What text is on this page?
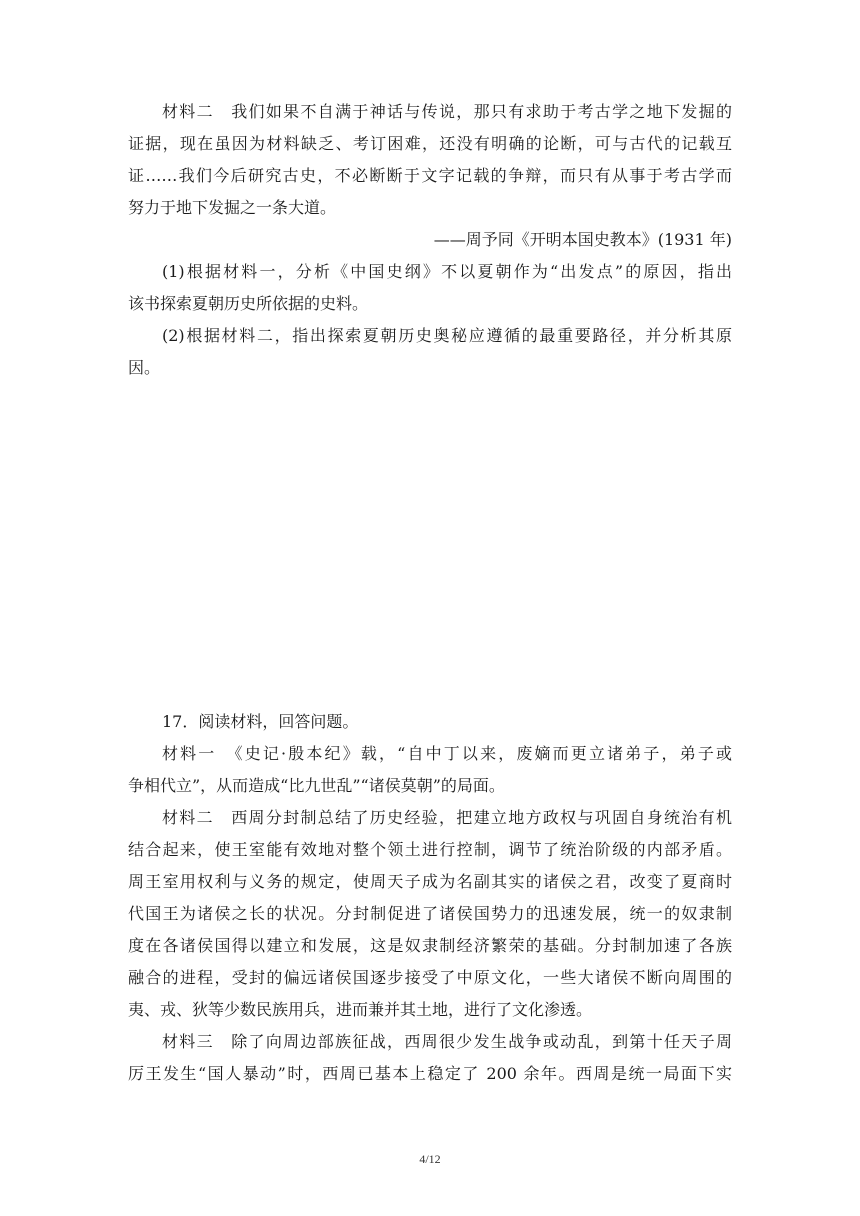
材料二　我们如果不自满于神话与传说，那只有求助于考古学之地下发掘的
证据，现在虽因为材料缺乏、考订困难，还没有明确的论断，可与古代的记载互
证……我们今后研究古史，不必断断于文字记载的争辩，而只有从事于考古学而
努力于地下发掘之一条大道。
——周予同《开明本国史教本》(1931 年)
(1)根据材料一，分析《中国史纲》不以夏朝作为“出发点”的原因，指出
该书探索夏朝历史所依据的史料。
(2)根据材料二，指出探索夏朝历史奥秘应遵循的最重要路径，并分析其原
因。
17．阅读材料，回答问题。
材料一　《史记·殷本纪》载，“自中丁以来，废嫡而更立诸弟子，弟子或
争相代立”，从而造成“比九世乱”“诸侯莫朝”的局面。
材料二　西周分封制总结了历史经验，把建立地方政权与巩固自身统治有机
结合起来，使王室能有效地对整个领土进行控制，调节了统治阶级的内部矛盾。
周王室用权利与义务的规定，使周天子成为名副其实的诸侯之君，改变了夏商时
代国王为诸侯之长的状况。分封制促进了诸侯国势力的迅速发展，统一的奴隶制
度在各诸侯国得以建立和发展，这是奴隶制经济繁荣的基础。分封制加速了各族
融合的进程，受封的偏远诸侯国逐步接受了中原文化，一些大诸侯不断向周围的
夷、戎、狄等少数民族用兵，进而兼并其土地，进行了文化渗透。
材料三　除了向周边部族征战，西周很少发生战争或动乱，到第十任天子周
厉王发生“国人暴动”时，西周已基本上稳定了 200 余年。西周是统一局面下实
4/12
